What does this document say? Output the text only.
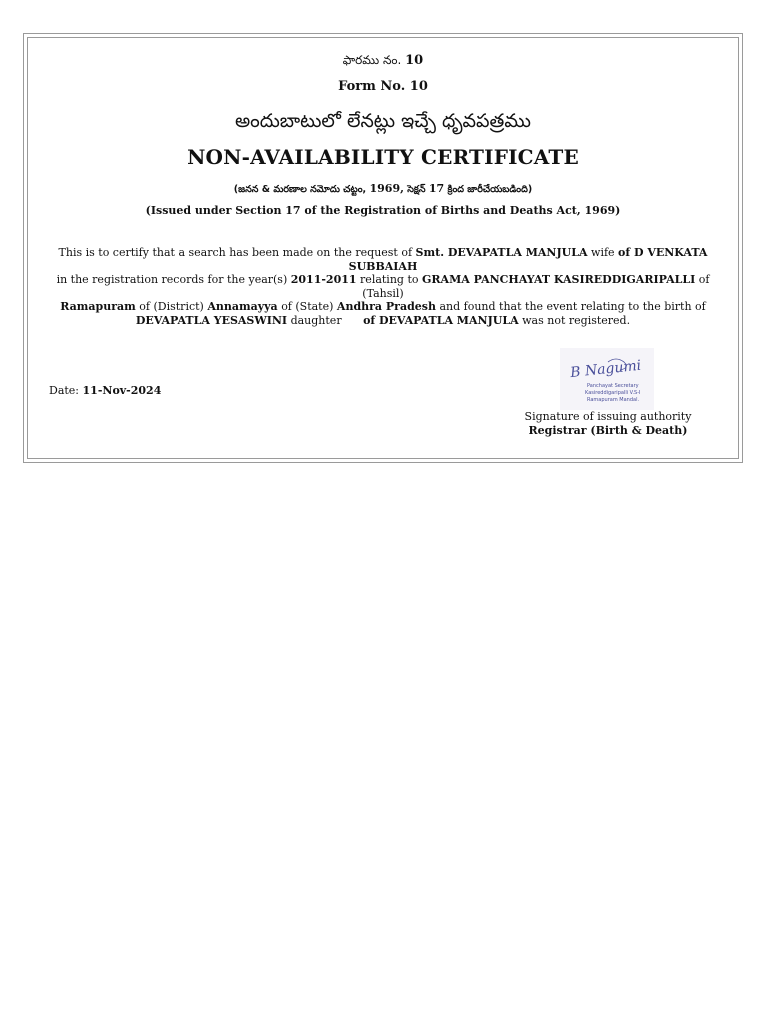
ఫారము నం. 10
Form No. 10
అందుబాటులో లేనట్లు ఇచ్చే ధృవపత్రము
NON-AVAILABILITY CERTIFICATE
(జనన & మరణాల నమోదు చట్టం, 1969, సెక్షన్ 17 క్రింద జారీచేయబడింది)
(Issued under Section 17 of the Registration of Births and Deaths Act, 1969)
This is to certify that a search has been made on the request of Smt. DEVAPATLA MANJULA wife of D VENKATA SUBBAIAH
in the registration records for the year(s) 2011-2011 relating to GRAMA PANCHAYAT KASIREDDIGARIPALLI of (Tahsil)
Ramapuram of (District) Annamayya of (State) Andhra Pradesh and found that the event relating to the birth of
DEVAPATLA YESASWINI daughter of DEVAPATLA MANJULA was not registered.
Date: 11-Nov-2024
B Nagumi
Panchayat Secretary
Kasireddigaripalli V.S-I
Ramapuram Mandal.
Signature of issuing authority
Registrar (Birth & Death)
